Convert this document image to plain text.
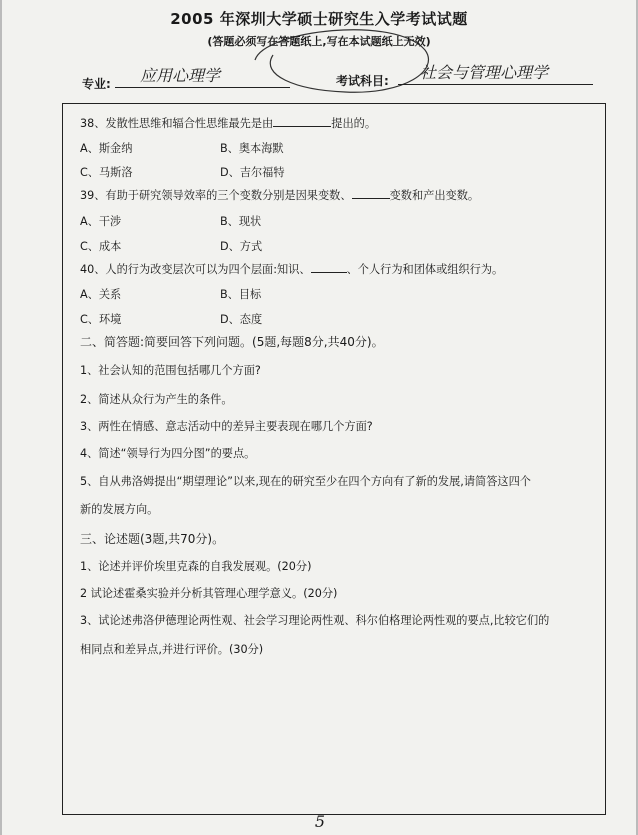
2005 年深圳大学硕士研究生入学考试试题
(答题必须写在答题纸上,写在本试题纸上无效)
专业: 应用心理学	考试科目: 社会与管理心理学
38、发散性思维和辐合性思维最先是由	提出的。
A、斯金纳	B、奥本海默
C、马斯洛	D、吉尔福特
39、有助于研究领导效率的三个变数分别是因果变数、	变数和产出变数。
A、干涉	B、现状
C、成本	D、方式
40、人的行为改变层次可以为四个层面:知识、	、个人行为和团体或组织行为。
A、关系	B、目标
C、环境	D、态度
二、简答题:简要回答下列问题。(5题,每题8分,共40分)。
1、社会认知的范围包括哪几个方面?
2、简述从众行为产生的条件。
3、两性在情感、意志活动中的差异主要表现在哪几个方面?
4、简述“领导行为四分图”的要点。
5、自从弗洛姆提出“期望理论”以来,现在的研究至少在四个方向有了新的发展,请简答这四个
新的发展方向。
三、论述题(3题,共70分)。
1、论述并评价埃里克森的自我发展观。(20分)
2 试论述霍桑实验并分析其管理心理学意义。(20分)
3、试论述弗洛伊德理论两性观、社会学习理论两性观、科尔伯格理论两性观的要点,比较它们的
相同点和差异点,并进行评价。(30分)
5
